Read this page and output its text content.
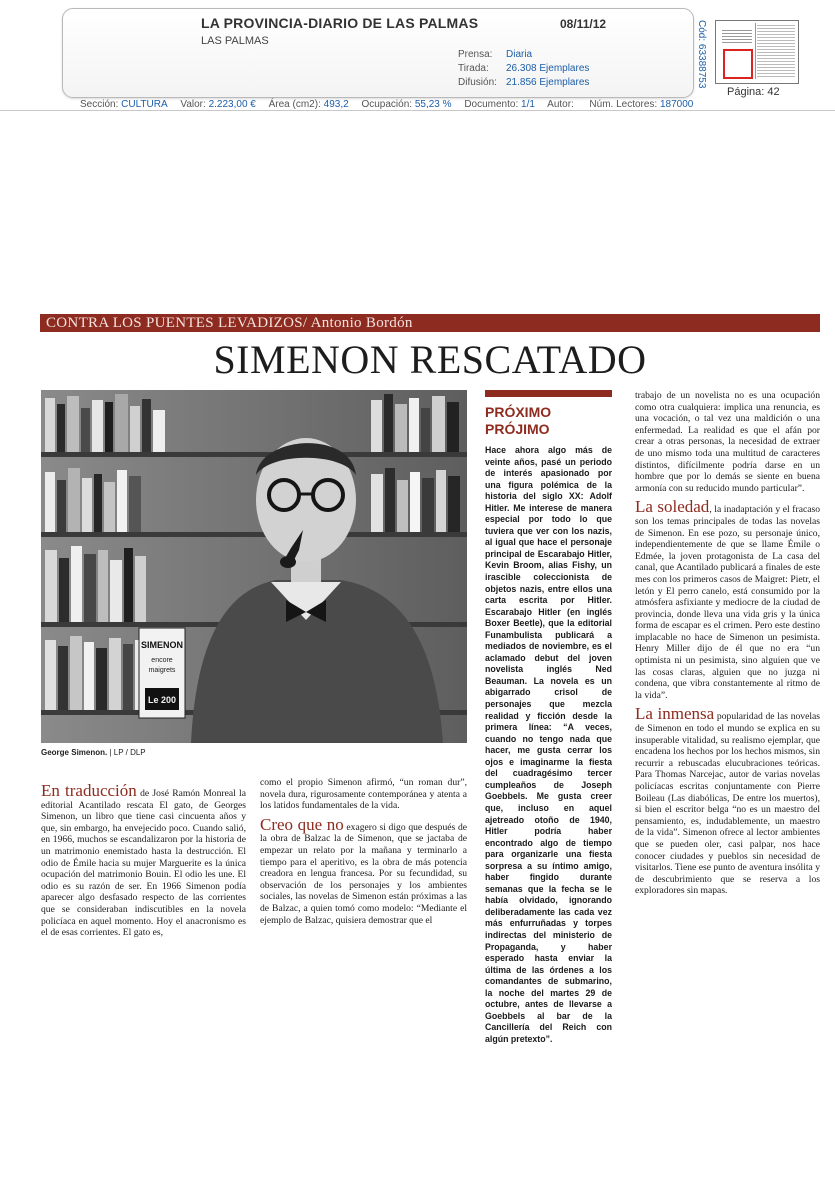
LA PROVINCIA-DIARIO DE LAS PALMAS
LAS PALMAS
08/11/12
Prensa: Diaria
Tirada: 26.308 Ejemplares
Difusión: 21.856 Ejemplares	Cód: 63388753
Página: 42
Sección: CULTURA Valor: 2.223,00 € Área (cm2): 493,2 Ocupación: 55,23 % Documento: 1/1 Autor: Núm. Lectores: 187000
CONTRA LOS PUENTES LEVADIZOS/ Antonio Bordón
SIMENON RESCATADO
SIMENON
encore
maigrets
Le 200
George Simenon. | LP / DLP

En traducción de José Ramón Monreal la editorial Acantilado rescata El gato, de Georges Simenon, un libro que tiene casi cincuenta años y que, sin embargo, ha envejecido poco. Cuando salió, en 1966, muchos se escandalizaron por la historia de un matrimonio enemistado hasta la destrucción. El odio de Émile hacia su mujer Marguerite es la única ocupación del matrimonio Bouin. El odio les une. El odio es su razón de ser. En 1966 Simenon podía aparecer algo desfasado respecto de las corrientes que se consideraban indiscutibles en la novela policíaca en aquel momento. Hoy el anacronismo es el de esas corrientes. El gato es,

como el propio Simenon afirmó, “un roman dur”, novela dura, rigurosamente contemporánea y atenta a los latidos fundamentales de la vida.

Creo que no exagero si digo que después de la obra de Balzac la de Simenon, que se jactaba de empezar un relato por la mañana y terminarlo a tiempo para el aperitivo, es la obra de más potencia creadora en lengua francesa. Por su fecundidad, su observación de los personajes y los ambientes sociales, las novelas de Simenon están próximas a las de Balzac, a quien tomó como modelo: “Mediante el ejemplo de Balzac, quisiera demostrar que el

PRÓXIMO
PRÓJIMO

Hace ahora algo más de veinte años, pasé un periodo de interés apasionado por una figura polémica de la historia del siglo XX: Adolf Hitler. Me interese de manera especial por todo lo que tuviera que ver con los nazis, al igual que hace el personaje principal de Escarabajo Hitler, Kevin Broom, alias Fishy, un irascible coleccionista de objetos nazis, entre ellos una carta escrita por Hitler. Escarabajo Hitler (en inglés Boxer Beetle), que la editorial Funambulista publicará a mediados de noviembre, es el aclamado debut del joven novelista inglés Ned Beauman. La novela es un abigarrado crisol de personajes que mezcla realidad y ficción desde la primera línea: “A veces, cuando no tengo nada que hacer, me gusta cerrar los ojos e imaginarme la fiesta del cuadragésimo tercer cumpleaños de Joseph Goebbels. Me gusta creer que, incluso en aquel ajetreado otoño de 1940, Hitler podría haber encontrado algo de tiempo para organizarle una fiesta sorpresa a su íntimo amigo, haber fingido durante semanas que la fecha se le había olvidado, ignorando deliberadamente las cada vez más enfurruñadas y torpes indirectas del ministerio de Propaganda, y haber esperado hasta enviar la última de las órdenes a los comandantes de submarino, la noche del martes 29 de octubre, antes de llevarse a Goebbels al bar de la Cancillería del Reich con algún pretexto”.

trabajo de un novelista no es una ocupación como otra cualquiera: implica una renuncia, es una vocación, o tal vez una maldición o una enfermedad. La realidad es que el afán por crear a otras personas, la necesidad de extraer de uno mismo toda una multitud de caracteres distintos, difícilmente podría darse en un hombre que por lo demás se siente en buena armonía con su reducido mundo particular”.

La soledad, la inadaptación y el fracaso son los temas principales de todas las novelas de Simenon. En ese pozo, su personaje único, independientemente de que se llame Émile o Edmée, la joven protagonista de La casa del canal, que Acantilado publicará a finales de este mes con los primeros casos de Maigret: Pietr, el letón y El perro canelo, está consumido por la atmósfera asfixiante y mediocre de la ciudad de provincia, donde lleva una vida gris y la única forma de escapar es el crimen. Pero este destino implacable no hace de Simenon un pesimista. Henry Miller dijo de él que no era “un optimista ni un pesimista, sino alguien que ve las cosas claras, alguien que no juzga ni condena, que vibra constantemente al ritmo de la vida”.

La inmensa popularidad de las novelas de Simenon en todo el mundo se explica en su insuperable vitalidad, su realismo ejemplar, que encadena los hechos por los hechos mismos, sin recurrir a rebuscadas elucubraciones teóricas. Para Thomas Narcejac, autor de varias novelas policíacas escritas conjuntamente con Pierre Boileau (Las diabólicas, De entre los muertos), si bien el escritor belga “no es un maestro del pensamiento, es, indudablemente, un maestro de la vida”. Simenon ofrece al lector ambientes que se pueden oler, casi palpar, nos hace conocer ciudades y pueblos sin necesidad de visitarlos. Tiene ese punto de aventura insólita y de descubrimiento que se reserva a los exploradores sin mapas.
